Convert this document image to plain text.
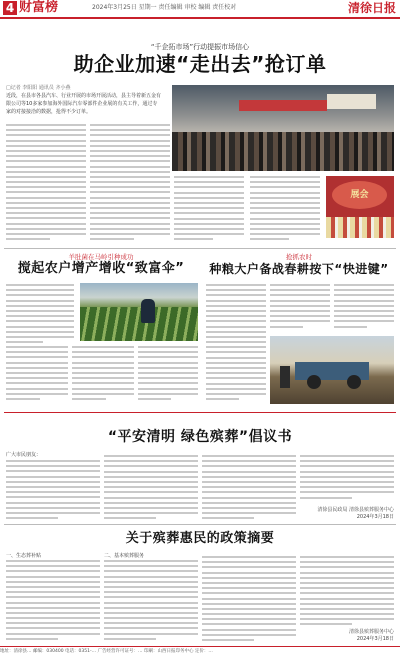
4 财富榜	2024年3月25日 星期一 责任编辑 审校 编辑 责任校对	清徐日报
“千企拓市场”行动提振市场信心
助企业加速“走出去”抢订单
□记者 李阳阳 通讯员 齐小燕
近段，在县市各县汽车、行业开展的市场开展活动，县主导着新五金有限公司等10多家参加海外国际汽车零部件企业展的有关工作，通过专家的对接接洽的数据，抢得不少订单。
展会
羊肚菌在马岭引种成功
搅起农户增产增收“致富伞”
抢抓农时
种粮大户备战春耕按下“快进键”
“平安清明 绿色殡葬”倡议书
广大市民朋友：
清徐县民政局 清徐县殡葬服务中心
2024年3月18日
关于殡葬惠民的政策摘要
一、生态葬补贴	二、基本殡葬服务
清徐县殡葬服务中心
2024年3月18日
地址：清徐县… 邮编：030400 电话：0351-… 广告经营许可证号：… 印刷：山西日报印务中心 定价：…
